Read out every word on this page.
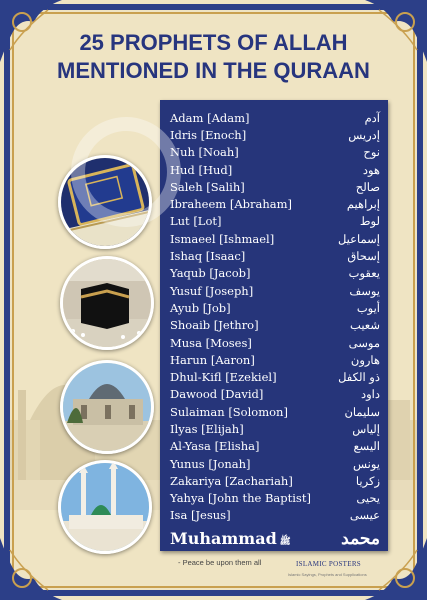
25 PROPHETS OF ALLAH
MENTIONED IN THE QURAAN
Adam [Adam]	آدم
Idris [Enoch]	إدريس
Nuh [Noah]	نوح
Hud [Hud]	هود
Saleh [Salih]	صالح
Ibraheem [Abraham]	إبراهيم
Lut [Lot]	لوط
Ismaeel [Ishmael]	إسماعيل
Ishaq [Isaac]	إسحاق
Yaqub [Jacob]	يعقوب
Yusuf [Joseph]	يوسف
Ayub [Job]	أيوب
Shoaib [Jethro]	شعيب
Musa [Moses]	موسى
Harun [Aaron]	هارون
Dhul-Kifl [Ezekiel]	ذو الكفل
Dawood [David]	داود
Sulaiman [Solomon]	سليمان
Ilyas [Elijah]	إلياس
Al-Yasa [Elisha]	اليسع
Yunus [Jonah]	يونس
Zakariya [Zachariah]	زكريا
Yahya [John the Baptist]	يحيى
Isa [Jesus]	عيسى
Muhammad ﷺ	محمد
- Peace be upon them all	ISLAMIC POSTERS
Islamic Sayings, Prophets and Supplications
